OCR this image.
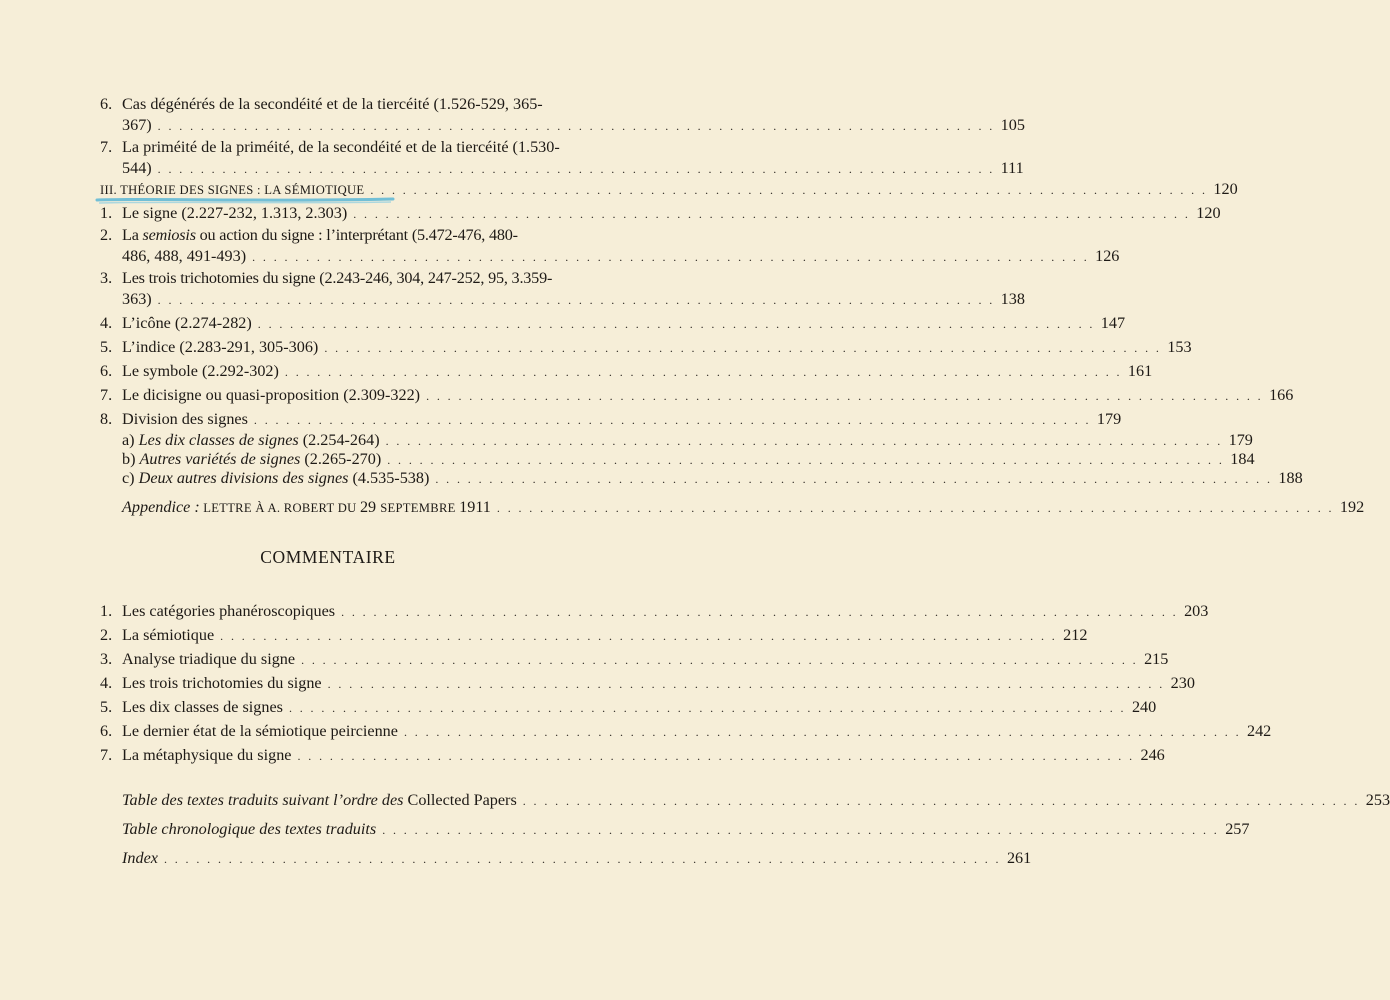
6. Cas dégénérés de la secondéité et de la tiercéité (1.526-529, 365-
367) . . .	105
7. La priméité de la priméité, de la secondéité et de la tiercéité (1.530-
544) . . .	111
III. THÉORIE DES SIGNES : LA SÉMIOTIQUE . . .	120
1. Le signe (2.227-232, 1.313, 2.303) . . .	120
2. La semiosis ou action du signe : l’interprétant (5.472-476, 480-
486, 488, 491-493) . . .	126
3. Les trois trichotomies du signe (2.243-246, 304, 247-252, 95, 3.359-
363) . . .	138
4. L’icône (2.274-282) . . .	147
5. L’indice (2.283-291, 305-306) . . .	153
6. Le symbole (2.292-302) . . .	161
7. Le dicisigne ou quasi-proposition (2.309-322) . . .	166
8. Division des signes . . .	179
a) Les dix classes de signes (2.254-264) . . .	179
b) Autres variétés de signes (2.265-270) . . .	184
c) Deux autres divisions des signes (4.535-538) . . .	188
Appendice : LETTRE À A. ROBERT DU 29 SEPTEMBRE 1911 . . .	192
COMMENTAIRE
1. Les catégories phanéroscopiques . . .	203
2. La sémiotique . . .	212
3. Analyse triadique du signe . . .	215
4. Les trois trichotomies du signe . . .	230
5. Les dix classes de signes . . .	240
6. Le dernier état de la sémiotique peircienne . . .	242
7. La métaphysique du signe . . .	246
Table des textes traduits suivant l’ordre des Collected Papers . . .	253
Table chronologique des textes traduits . . .	257
Index . . .	261
